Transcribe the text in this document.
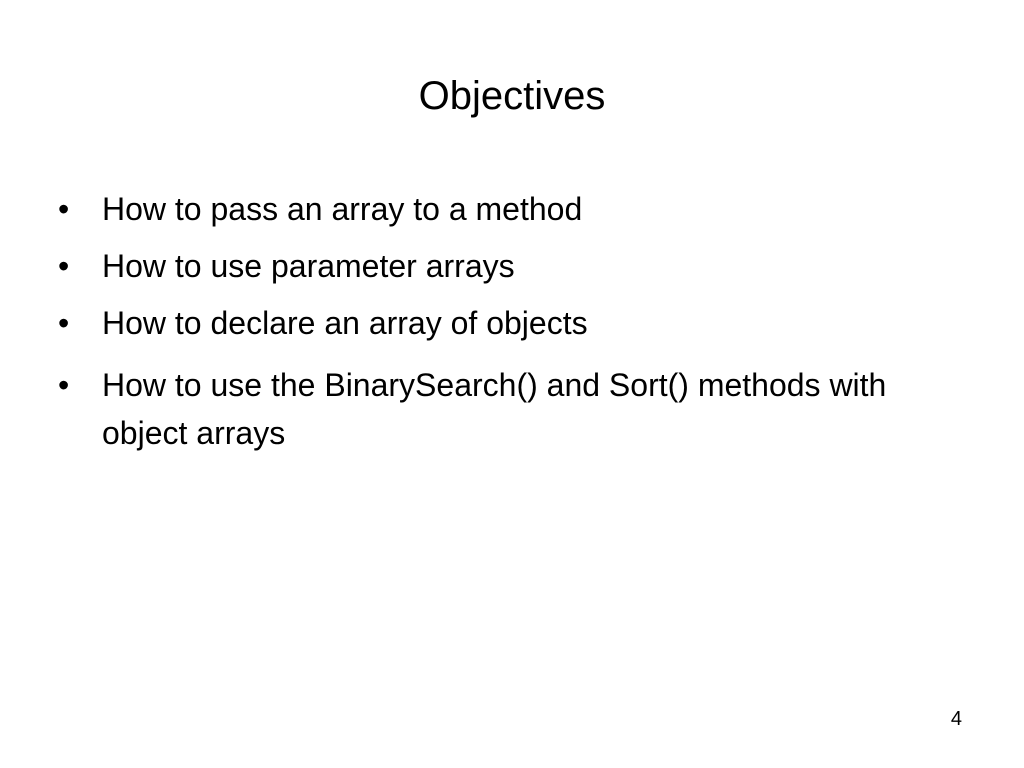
Objectives
•	How to pass an array to a method
•	How to use parameter arrays
•	How to declare an array of objects
•	How to use the BinarySearch() and Sort() methods with object arrays
4
